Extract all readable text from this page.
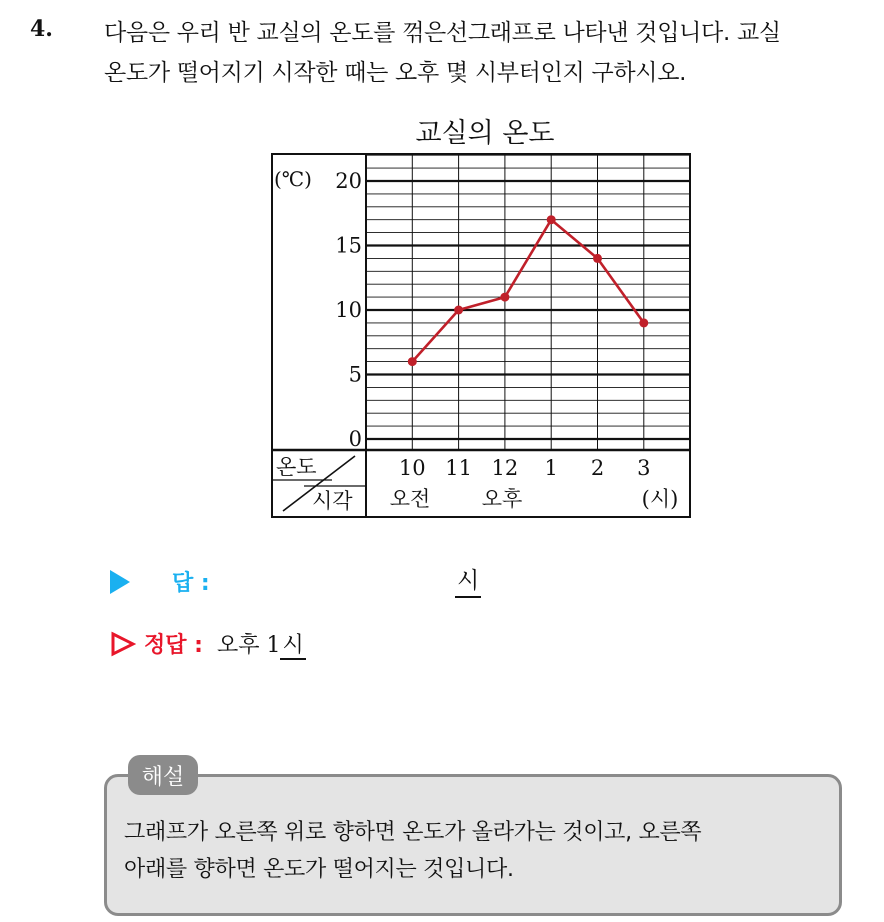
4. 다음은 우리 반 교실의 온도를 꺾은선그래프로 나타낸 것입니다. 교실
온도가 떨어지기 시작한 때는 오후 몇 시부터인지 구하시오.
교실의 온도
온도
시각
(℃)
0
5
10
15
20
10 11 12 1 2 3
오전 오후	(시)
답 :	시
정답 : 오후 1시
해설
그래프가 오른쪽 위로 향하면 온도가 올라가는 것이고, 오른쪽
아래를 향하면 온도가 떨어지는 것입니다.
